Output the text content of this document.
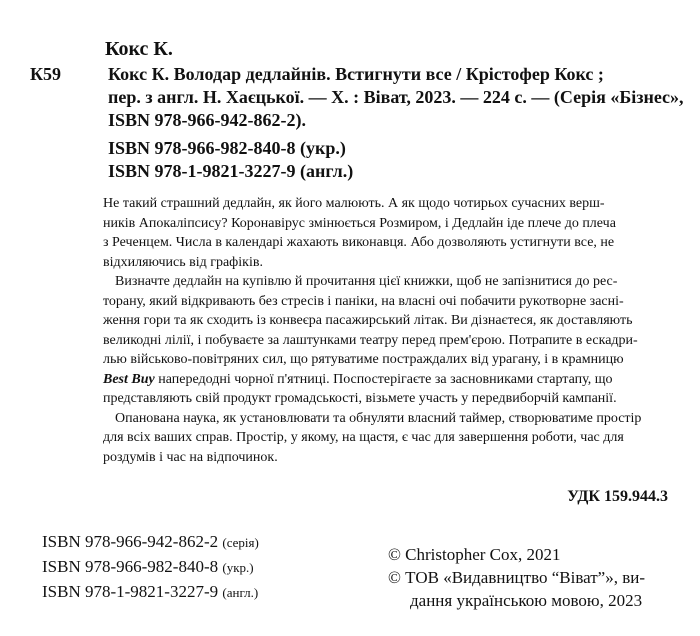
Кокс К.
К59	Кокс К. Володар дедлайнів. Встигнути все / Крістофер Кокс ;
пер. з англ. Н. Хаєцької. — Х. : Віват, 2023. — 224 с. — (Серія «Бізнес»,
ISBN 978-966-942-862-2).
ISBN 978-966-982-840-8 (укр.)
ISBN 978-1-9821-3227-9 (англ.)
Не такий страшний дедлайн, як його малюють. А як щодо чотирьох сучасних верш-
ників Апокаліпсису? Коронавірус змінюється Розмиром, і Дедлайн іде плече до плеча
з Реченцем. Числа в календарі жахають виконавця. Або дозволяють устигнути все, не
відхиляючись від графіків.
Визначте дедлайн на купівлю й прочитання цієї книжки, щоб не запізнитися до рес-
торану, який відкривають без стресів і паніки, на власні очі побачити рукотворне засні-
ження гори та як сходить із конвеєра пасажирський літак. Ви дізнаєтеся, як доставляють
великодні лілії, і побуваєте за лаштунками театру перед прем'єрою. Потрапите в ескадри-
лью військово-повітряних сил, що рятуватиме постраждалих від урагану, і в крамницю
Best Buy напередодні чорної п'ятниці. Поспостерігаєте за засновниками стартапу, що
представляють свій продукт громадськості, візьмете участь у передвиборчій кампанії.
Опанована наука, як установлювати та обнуляти власний таймер, створюватиме простір
для всіх ваших справ. Простір, у якому, на щастя, є час для завершення роботи, час для
роздумів і час на відпочинок.
УДК 159.944.3
ISBN 978-966-942-862-2 (серія)
ISBN 978-966-982-840-8 (укр.)
ISBN 978-1-9821-3227-9 (англ.)
© Christopher Cox, 2021
© ТОВ «Видавництво “Віват”», ви-
дання українською мовою, 2023
